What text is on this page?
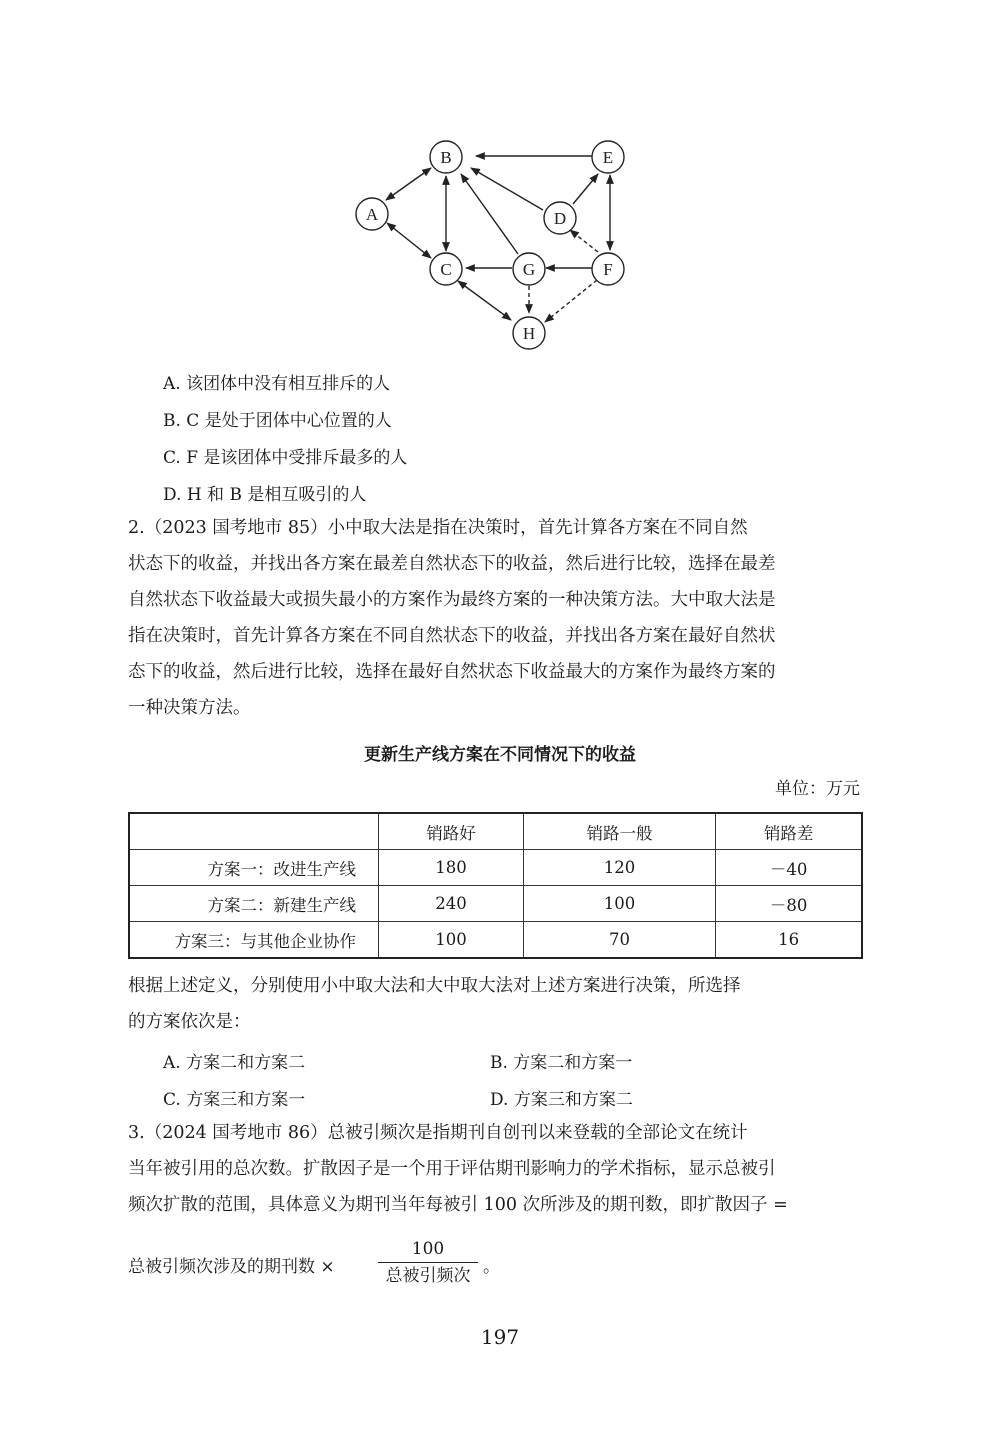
A
B
C
D
E
F
G
H
A. 该团体中没有相互排斥的人
B. C 是处于团体中心位置的人
C. F 是该团体中受排斥最多的人
D. H 和 B 是相互吸引的人
2.（2023 国考地市 85）小中取大法是指在决策时，首先计算各方案在不同自然
状态下的收益，并找出各方案在最差自然状态下的收益，然后进行比较，选择在最差
自然状态下收益最大或损失最小的方案作为最终方案的一种决策方法。大中取大法是
指在决策时，首先计算各方案在不同自然状态下的收益，并找出各方案在最好自然状
态下的收益，然后进行比较，选择在最好自然状态下收益最大的方案作为最终方案的
一种决策方法。
更新生产线方案在不同情况下的收益
单位：万元
	销路好	销路一般	销路差
方案一：改进生产线	180	120	－40
方案二：新建生产线	240	100	－80
方案三：与其他企业协作	100	70	16
根据上述定义，分别使用小中取大法和大中取大法对上述方案进行决策，所选择
的方案依次是：
A. 方案二和方案二	B. 方案二和方案一
C. 方案三和方案一	D. 方案三和方案二
3.（2024 国考地市 86）总被引频次是指期刊自创刊以来登载的全部论文在统计
当年被引用的总次数。扩散因子是一个用于评估期刊影响力的学术指标，显示总被引
频次扩散的范围，具体意义为期刊当年每被引 100 次所涉及的期刊数，即扩散因子 =
总被引频次涉及的期刊数 ×
100
总被引频次 。
197
